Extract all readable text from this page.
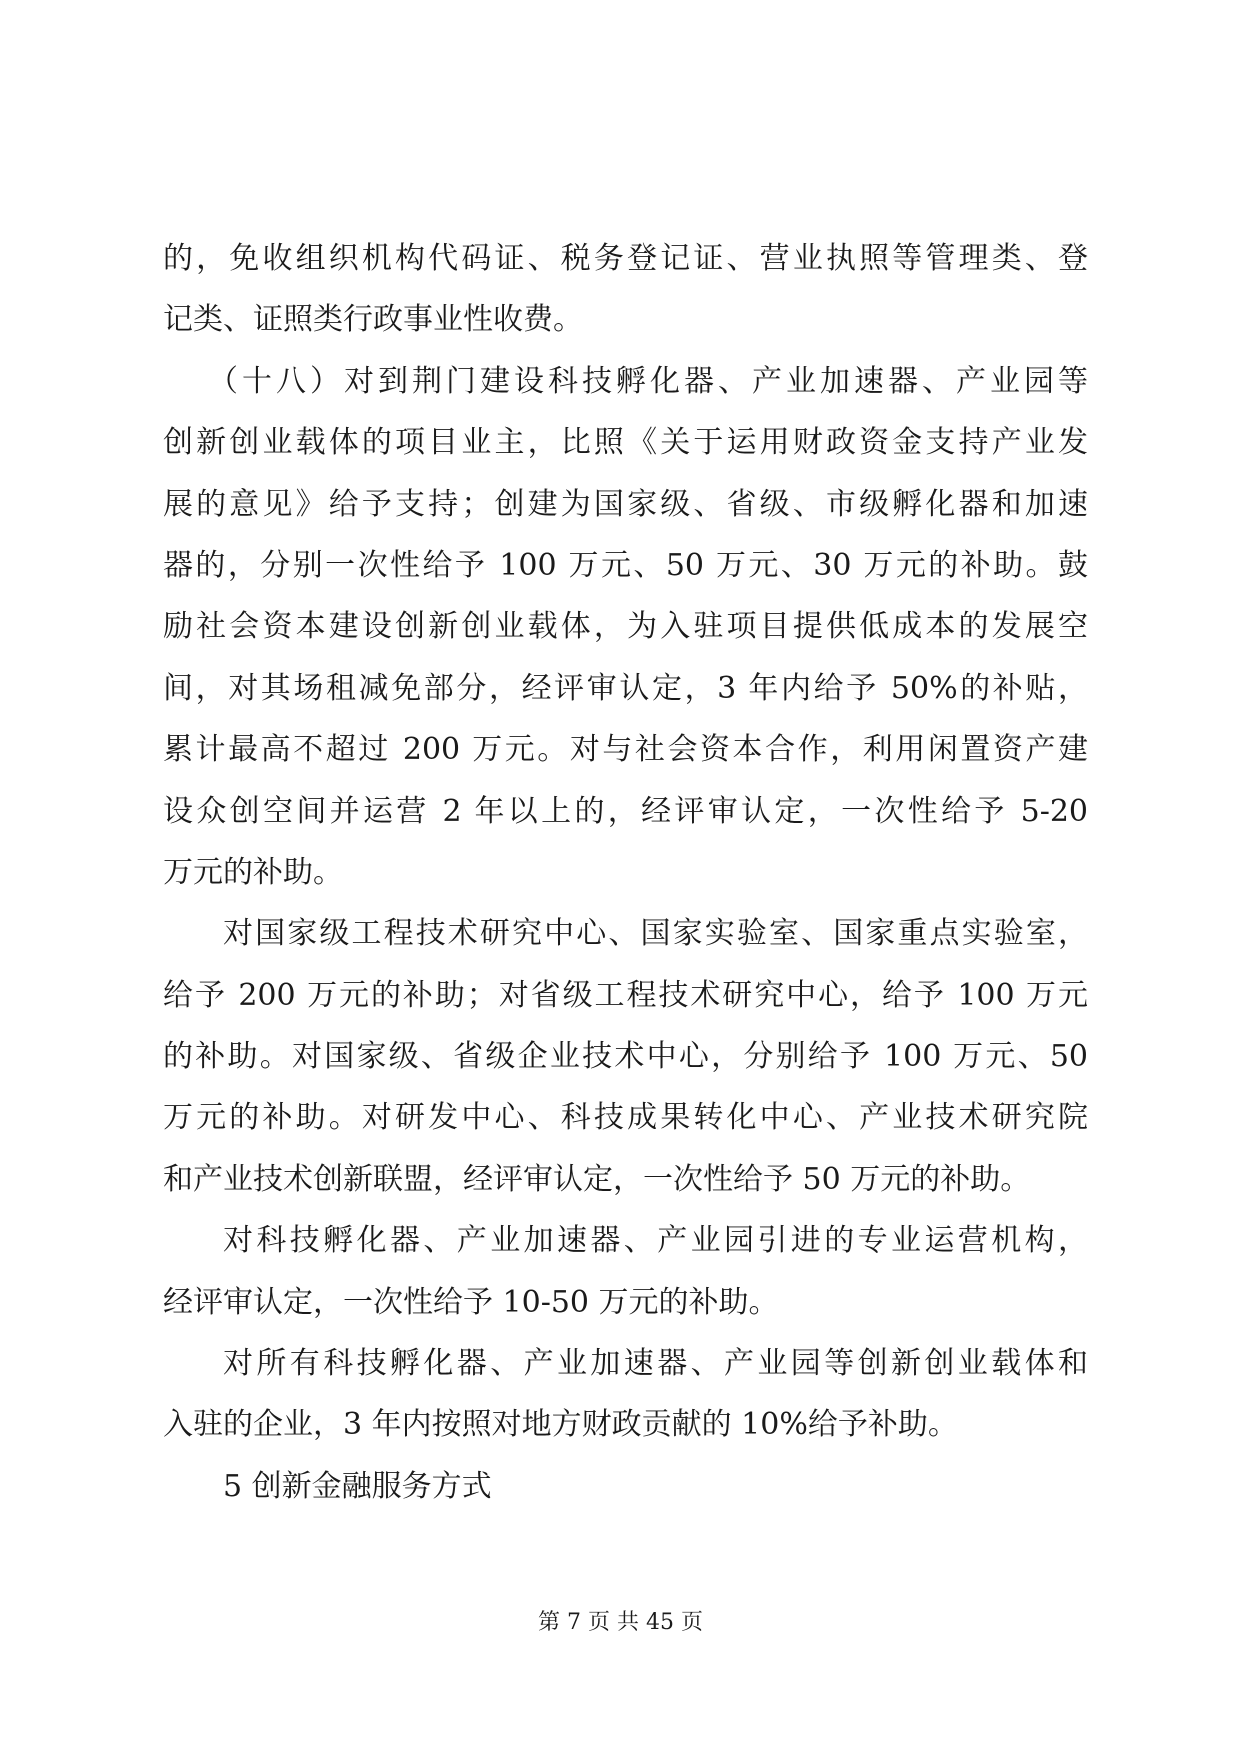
的，免收组织机构代码证、税务登记证、营业执照等管理类、登
记类、证照类行政事业性收费。
（十八）对到荆门建设科技孵化器、产业加速器、产业园等
创新创业载体的项目业主，比照《关于运用财政资金支持产业发
展的意见》给予支持；创建为国家级、省级、市级孵化器和加速
器的，分别一次性给予 100 万元、50 万元、30 万元的补助。鼓
励社会资本建设创新创业载体，为入驻项目提供低成本的发展空
间，对其场租减免部分，经评审认定，3 年内给予 50%的补贴，
累计最高不超过 200 万元。对与社会资本合作，利用闲置资产建
设众创空间并运营 2 年以上的，经评审认定，一次性给予 5-20
万元的补助。
对国家级工程技术研究中心、国家实验室、国家重点实验室，
给予 200 万元的补助；对省级工程技术研究中心，给予 100 万元
的补助。对国家级、省级企业技术中心，分别给予 100 万元、50
万元的补助。对研发中心、科技成果转化中心、产业技术研究院
和产业技术创新联盟，经评审认定，一次性给予 50 万元的补助。
对科技孵化器、产业加速器、产业园引进的专业运营机构，
经评审认定，一次性给予 10-50 万元的补助。
对所有科技孵化器、产业加速器、产业园等创新创业载体和
入驻的企业，3 年内按照对地方财政贡献的 10%给予补助。
5 创新金融服务方式
第 7 页 共 45 页
